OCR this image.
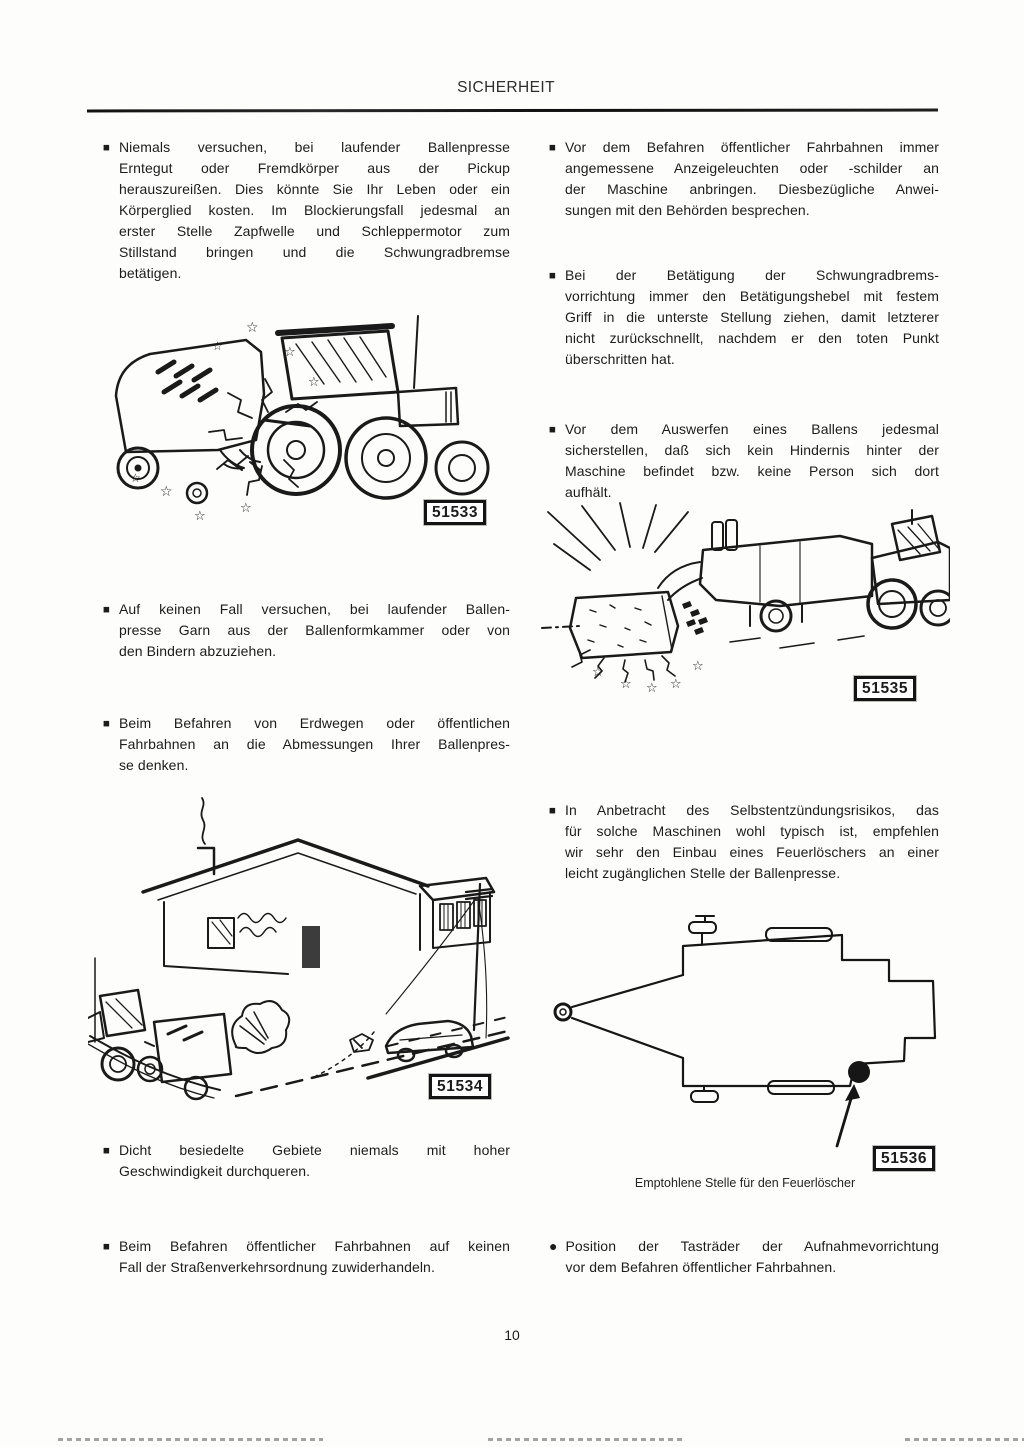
SICHERHEIT
■ Niemals versuchen, bei laufender Ballenpresse
Erntegut oder Fremdkörper aus der Pickup
herauszureißen. Dies könnte Sie Ihr Leben oder ein
Körperglied kosten. Im Blockierungsfall jedesmal an
erster Stelle Zapfwelle und Schleppermotor zum
Stillstand bringen und die Schwungradbremse
betätigen.
☆
☆
☆
☆
☆
☆
☆
☆
51533
■ Auf keinen Fall versuchen, bei laufender Ballen-
presse Garn aus der Ballenformkammer oder von
den Bindern abzuziehen.
■ Beim Befahren von Erdwegen oder öffentlichen
Fahrbahnen an die Abmessungen Ihrer Ballenpres-
se denken.
51534
■ Dicht besiedelte Gebiete niemals mit hoher
Geschwindigkeit durchqueren.
■ Beim Befahren öffentlicher Fahrbahnen auf keinen
Fall der Straßenverkehrsordnung zuwiderhandeln.
■ Vor dem Befahren öffentlicher Fahrbahnen immer
angemessene Anzeigeleuchten oder -schilder an
der Maschine anbringen. Diesbezügliche Anwei-
sungen mit den Behörden besprechen.
■ Bei der Betätigung der Schwungradbrems-
vorrichtung immer den Betätigungshebel mit festem
Griff in die unterste Stellung ziehen, damit letzterer
nicht zurückschnellt, nachdem er den toten Punkt
überschritten hat.
■ Vor dem Auswerfen eines Ballens jedesmal
sicherstellen, daß sich kein Hindernis hinter der
Maschine befindet bzw. keine Person sich dort
aufhält.
☆
☆ ☆ ☆
☆
51535
■ In Anbetracht des Selbstentzündungsrisikos, das
für solche Maschinen wohl typisch ist, empfehlen
wir sehr den Einbau eines Feuerlöschers an einer
leicht zugänglichen Stelle der Ballenpresse.
51536
Emptohlene Stelle für den Feuerlöscher
● Position der Tasträder der Aufnahmevorrichtung
vor dem Befahren öffentlicher Fahrbahnen.
10
